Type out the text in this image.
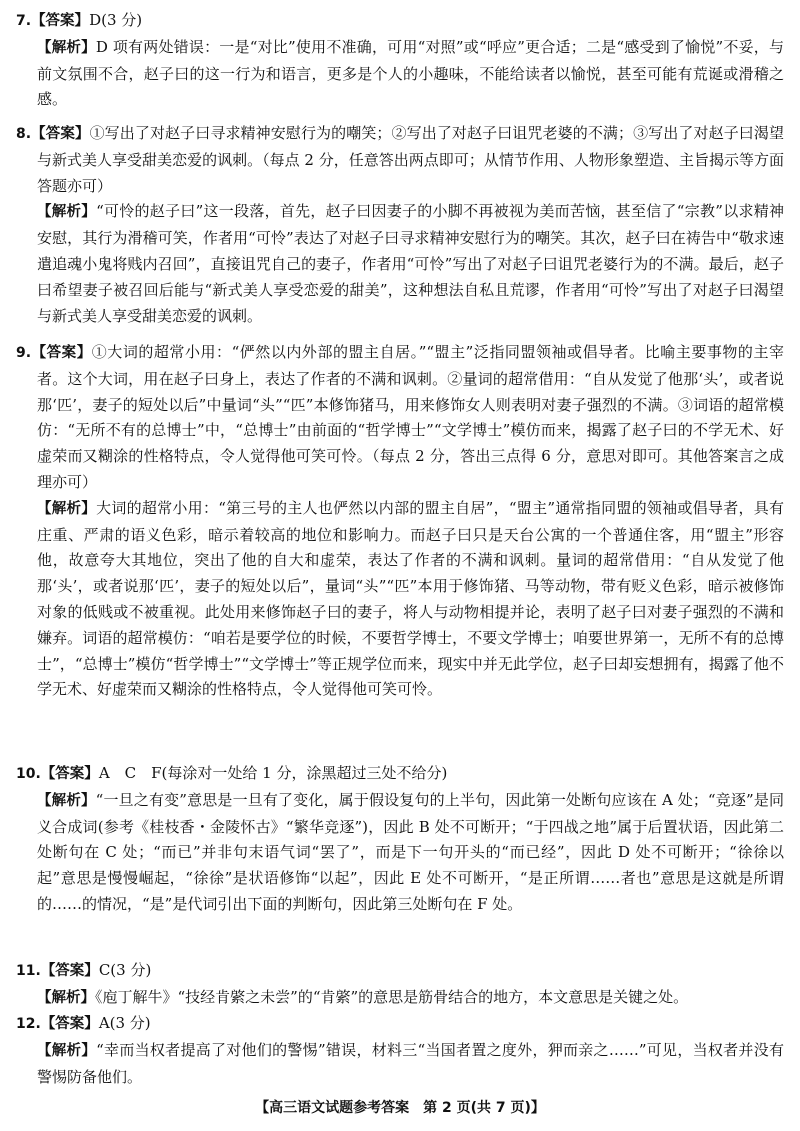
7.【答案】D(3 分)

【解析】D 项有两处错误：一是“对比”使用不准确，可用“对照”或“呼应”更合适；二是“感受到了愉悦”不妥，与前文氛围不合，赵子曰的这一行为和语言，更多是个人的小趣味，不能给读者以愉悦，甚至可能有荒诞或滑稽之感。

8.【答案】①写出了对赵子曰寻求精神安慰行为的嘲笑；②写出了对赵子曰诅咒老婆的不满；③写出了对赵子曰渴望与新式美人享受甜美恋爱的讽刺。（每点 2 分，任意答出两点即可；从情节作用、人物形象塑造、主旨揭示等方面答题亦可）

【解析】“可怜的赵子曰”这一段落，首先，赵子曰因妻子的小脚不再被视为美而苦恼，甚至信了“宗教”以求精神安慰，其行为滑稽可笑，作者用“可怜”表达了对赵子曰寻求精神安慰行为的嘲笑。其次，赵子曰在祷告中“敬求速遣追魂小鬼将贱内召回”，直接诅咒自己的妻子，作者用“可怜”写出了对赵子曰诅咒老婆行为的不满。最后，赵子曰希望妻子被召回后能与“新式美人享受恋爱的甜美”，这种想法自私且荒谬，作者用“可怜”写出了对赵子曰渴望与新式美人享受甜美恋爱的讽刺。

9.【答案】①大词的超常小用：“俨然以内外部的盟主自居。”“盟主”泛指同盟领袖或倡导者。比喻主要事物的主宰者。这个大词，用在赵子曰身上，表达了作者的不满和讽刺。②量词的超常借用：“自从发觉了他那‘头’，或者说那‘匹’，妻子的短处以后”中量词“头”“匹”本修饰猪马，用来修饰女人则表明对妻子强烈的不满。③词语的超常模仿：“无所不有的总博士”中，“总博士”由前面的“哲学博士”“文学博士”模仿而来，揭露了赵子曰的不学无术、好虚荣而又糊涂的性格特点，令人觉得他可笑可怜。（每点 2 分，答出三点得 6 分，意思对即可。其他答案言之成理亦可）

【解析】大词的超常小用：“第三号的主人也俨然以内部的盟主自居”，“盟主”通常指同盟的领袖或倡导者，具有庄重、严肃的语义色彩，暗示着较高的地位和影响力。而赵子曰只是天台公寓的一个普通住客，用“盟主”形容他，故意夸大其地位，突出了他的自大和虚荣，表达了作者的不满和讽刺。量词的超常借用：“自从发觉了他那‘头’，或者说那‘匹’，妻子的短处以后”，量词“头”“匹”本用于修饰猪、马等动物，带有贬义色彩，暗示被修饰对象的低贱或不被重视。此处用来修饰赵子曰的妻子，将人与动物相提并论，表明了赵子曰对妻子强烈的不满和嫌弃。词语的超常模仿：“咱若是要学位的时候，不要哲学博士，不要文学博士；咱要世界第一，无所不有的总博士”，“总博士”模仿“哲学博士”“文学博士”等正规学位而来，现实中并无此学位，赵子曰却妄想拥有，揭露了他不学无术、好虚荣而又糊涂的性格特点，令人觉得他可笑可怜。

10.【答案】A　C　F(每涂对一处给 1 分，涂黑超过三处不给分)

【解析】“一旦之有变”意思是一旦有了变化，属于假设复句的上半句，因此第一处断句应该在 A 处；“竞逐”是同义合成词(参考《桂枝香・金陵怀古》“繁华竞逐”)，因此 B 处不可断开；“于四战之地”属于后置状语，因此第二处断句在 C 处；“而已”并非句末语气词“罢了”，而是下一句开头的“而已经”，因此 D 处不可断开；“徐徐以起”意思是慢慢崛起，“徐徐”是状语修饰“以起”，因此 E 处不可断开，“是正所谓……者也”意思是这就是所谓的……的情况，“是”是代词引出下面的判断句，因此第三处断句在 F 处。

11.【答案】C(3 分)

【解析】《庖丁解牛》“技经肯綮之未尝”的“肯綮”的意思是筋骨结合的地方，本文意思是关键之处。

12.【答案】A(3 分)

【解析】“幸而当权者提高了对他们的警惕”错误，材料三“当国者置之度外，狎而亲之……”可见，当权者并没有警惕防备他们。

【高三语文试题参考答案　第 2 页(共 7 页)】
